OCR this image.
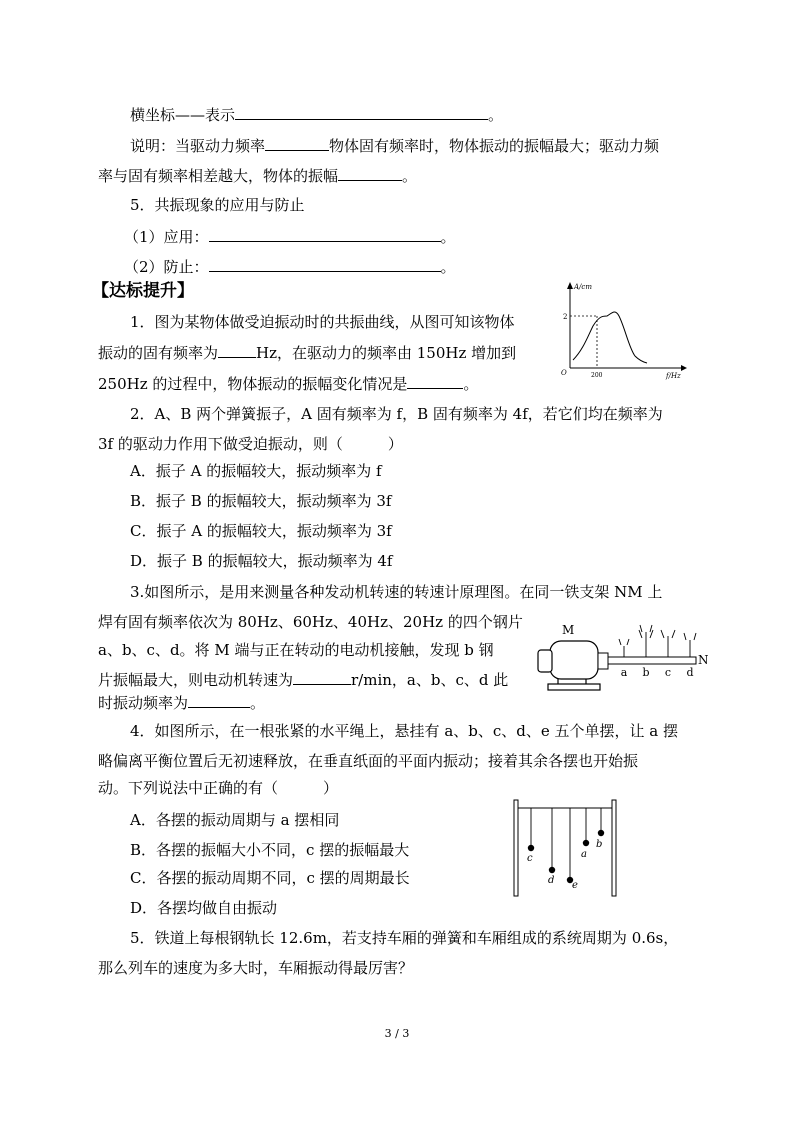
横坐标——表示	。
说明：当驱动力频率	物体固有频率时，物体振动的振幅最大；驱动力频
率与固有频率相差越大，物体的振幅	。
5．共振现象的应用与防止
（1）应用：	。
（2）防止：	。
【达标提升】
1．图为某物体做受迫振动时的共振曲线，从图可知该物体
振动的固有频率为	Hz，在驱动力的频率由 150Hz 增加到
250Hz 的过程中，物体振动的振幅变化情况是	。
A/cm
2
O	200	f/Hz
2．A、B 两个弹簧振子，A 固有频率为 f，B 固有频率为 4f，若它们均在频率为
3f 的驱动力作用下做受迫振动，则（　　　）
A．振子 A 的振幅较大，振动频率为 f
B．振子 B 的振幅较大，振动频率为 3f
C．振子 A 的振幅较大，振动频率为 3f
D．振子 B 的振幅较大，振动频率为 4f
3.如图所示，是用来测量各种发动机转速的转速计原理图。在同一铁支架 NM 上
焊有固有频率依次为 80Hz、60Hz、40Hz、20Hz 的四个钢片
a、b、c、d。将 M 端与正在转动的电动机接触，发现 b 钢
片振幅最大，则电动机转速为	r/min，a、b、c、d 此
时振动频率为	。
M
N
a b c d
4．如图所示，在一根张紧的水平绳上，悬挂有 a、b、c、d、e 五个单摆，让 a 摆
略偏离平衡位置后无初速释放，在垂直纸面的平面内振动；接着其余各摆也开始振
动。下列说法中正确的有（　　　）
A．各摆的振动周期与 a 摆相同
B．各摆的振幅大小不同，c 摆的振幅最大
C．各摆的振动周期不同，c 摆的周期最长
D．各摆均做自由振动
c
d e
a
b
5．铁道上每根钢轨长 12.6m，若支持车厢的弹簧和车厢组成的系统周期为 0.6s，
那么列车的速度为多大时，车厢振动得最厉害？
3 / 3
